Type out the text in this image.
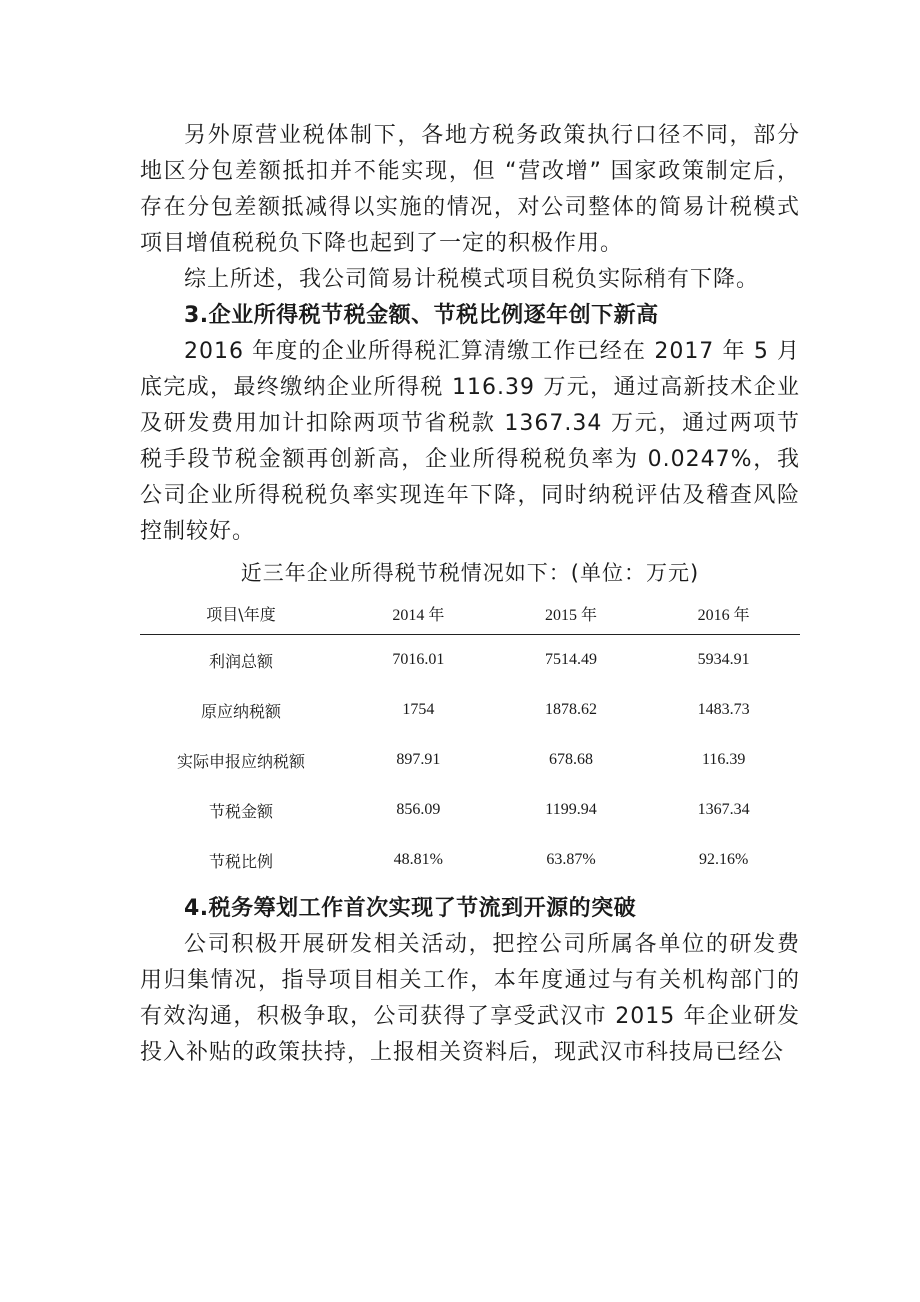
另外原营业税体制下，各地方税务政策执行口径不同，部分地区分包差额抵扣并不能实现，但 “营改增” 国家政策制定后，存在分包差额抵减得以实施的情况，对公司整体的简易计税模式项目增值税税负下降也起到了一定的积极作用。

综上所述，我公司简易计税模式项目税负实际稍有下降。

3.企业所得税节税金额、节税比例逐年创下新高

2016 年度的企业所得税汇算清缴工作已经在 2017 年 5 月底完成，最终缴纳企业所得税 116.39 万元，通过高新技术企业及研发费用加计扣除两项节省税款 1367.34 万元，通过两项节税手段节税金额再创新高，企业所得税税负率为 0.0247%，我公司企业所得税税负率实现连年下降，同时纳税评估及稽查风险控制较好。

近三年企业所得税节税情况如下：(单位：万元)
项目\年度	2014 年	2015 年	2016 年
利润总额	7016.01	7514.49	5934.91
原应纳税额	1754	1878.62	1483.73
实际申报应纳税额	897.91	678.68	116.39
节税金额	856.09	1199.94	1367.34
节税比例	48.81%	63.87%	92.16%
4.税务筹划工作首次实现了节流到开源的突破

公司积极开展研发相关活动，把控公司所属各单位的研发费用归集情况，指导项目相关工作，本年度通过与有关机构部门的有效沟通，积极争取，公司获得了享受武汉市 2015 年企业研发投入补贴的政策扶持，上报相关资料后，现武汉市科技局已经公
